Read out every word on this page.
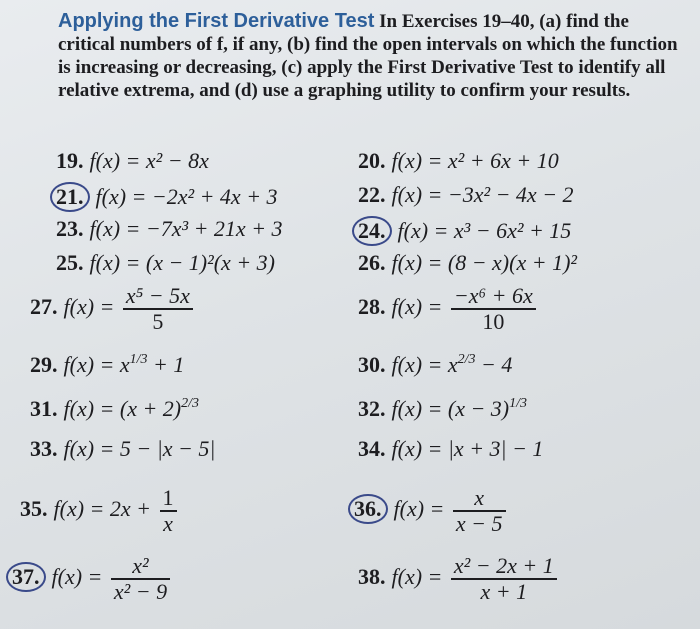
Applying the First Derivative Test In Exercises 19–40, (a) find the critical numbers of f, if any, (b) find the open intervals on which the function is increasing or decreasing, (c) apply the First Derivative Test to identify all relative extrema, and (d) use a graphing utility to confirm your results.
19. f(x) = x² − 8x	20. f(x) = x² + 6x + 10
21. f(x) = −2x² + 4x + 3	22. f(x) = −3x² − 4x − 2
23. f(x) = −7x³ + 21x + 3	24. f(x) = x³ − 6x² + 15
25. f(x) = (x − 1)²(x + 3)	26. f(x) = (8 − x)(x + 1)²
27. $f(x) = \frac{\text{x⁵ − 5x}}{5}$	28. $f(x) = \frac{\text{−x⁶ + 6x}}{10}$
29. $f(x) = x^{1/3} + 1$	30. $f(x) = x^{2/3} - 4$
31. $f(x) = (x + 2)^{2/3}$	32. $f(x) = (x - 3)^{1/3}$
33. f(x) = 5 − |x − 5|	34. f(x) = |x + 3| − 1
35. $f(x) = 2x + \frac{1}{x}$	36. $f(x) = \frac{x}{x - 5}$
37. $f(x) = \frac{\text{x²}}{\text{x² − 9}}$	38. $f(x) = \frac{\text{x² − 2x + 1}}{x + 1}$
